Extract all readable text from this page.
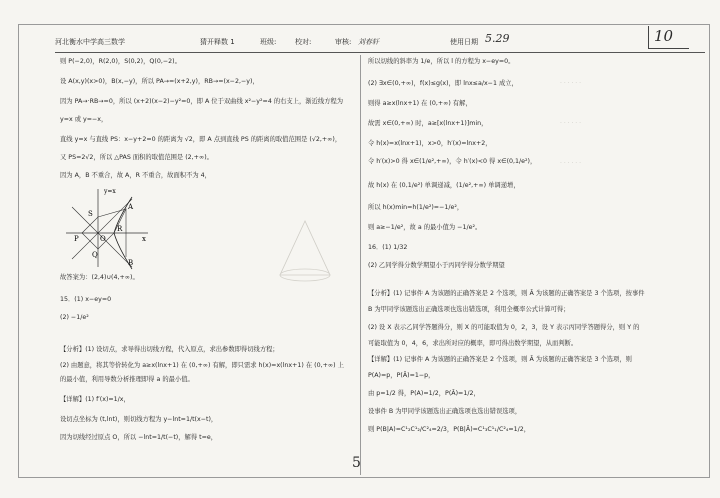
10
河北衡水中学高三数学	猜开释数 1	班级:	校对:	审核: 刘春轩	使用日期 5.29
· · · · · ·
· · · · · ·
· · · · · ·
则 P(−2,0)，R(2,0)，S(0,2)，Q(0,−2)。
设 A(x,y)(x>0)，B(x,−y)，所以 PA→=(x+2,y)，RB→=(x−2,−y)，
因为 PA→·RB→=0，所以 (x+2)(x−2)−y²=0，即 A 位于双曲线 x²−y²=4 的右支上，渐近线方程为
y=x 或 y=−x，
直线 y=x 与直线 PS：x−y+2=0 的距离为 √2，即 A 点到直线 PS 的距离的取值范围是 (√2,+∞)，
又 PS=2√2，所以 △PAS 面积的取值范围是 (2,+∞)。
因为 A，B 不重合，故 A，R 不重合，故面积不为 4，
故答案为：(2,4)∪(4,+∞)。
15．(1) x−ey=0
(2) −1/e²
【分析】(1) 设切点，求导得出切线方程，代入原点，求出参数即得切线方程；
(2) 由题意，将其等价转化为 a≥x(lnx+1) 在 (0,+∞) 有解，即只需求 h(x)=x(lnx+1) 在 (0,+∞) 上
的最小值，利用导数分析推理即得 a 的最小值。
【详解】(1) f′(x)=1/x，
设切点坐标为 (t,lnt)，则切线方程为 y−lnt=1/t(x−t)，
因为切线经过原点 O，所以 −lnt=1/t(−t)，解得 t=e，
y=x
S
A
P	O
R
x
Q
B
所以切线的斜率为 1/e，所以 l 的方程为 x−ey=0。
(2) ∃x∈(0,+∞)，f(x)≤g(x)，即 lnx≤a/x−1 成立，
则得 a≥x(lnx+1) 在 (0,+∞) 有解，
故需 x∈(0,+∞) 时，a≥[x(lnx+1)]min，
令 h(x)=x(lnx+1)，x>0，h′(x)=lnx+2，
令 h′(x)>0 得 x∈(1/e²,+∞)，令 h′(x)<0 得 x∈(0,1/e²)，
故 h(x) 在 (0,1/e²) 单调递减，(1/e²,+∞) 单调递增，
所以 h(x)min=h(1/e²)=−1/e²，
则 a≥−1/e²，故 a 的最小值为 −1/e²。
16．(1) 1/32
(2) 乙同学得分数学期望小于丙同学得分数学期望
【分析】(1) 记事件 A 为该题的正确答案是 2 个选项，则 Ā 为该题的正确答案是 3 个选项，按事件
B 为甲同学该题选出正确选项也选出错选项，利用全概率公式计算可得；
(2) 设 X 表示乙同学答题得分，则 X 的可能取值为 0，2，3，设 Y 表示丙同学答题得分，则 Y 的
可能取值为 0，4，6，求出所对应的概率，即可得出数学期望，从而判断。
【详解】(1) 记事件 A 为该题的正确答案是 2 个选项，则 Ā 为该题的正确答案是 3 个选项，则
P(A)=p，P(Ā)=1−p，
由 p=1/2 得，P(A)=1/2，P(Ā)=1/2，
设事件 B 为甲同学该题选出正确选项也选出错误选项，
则 P(B|A)=C¹₂C¹₂/C²₄=2/3，P(B|Ā)=C¹₃C¹₁/C²₄=1/2，
5
